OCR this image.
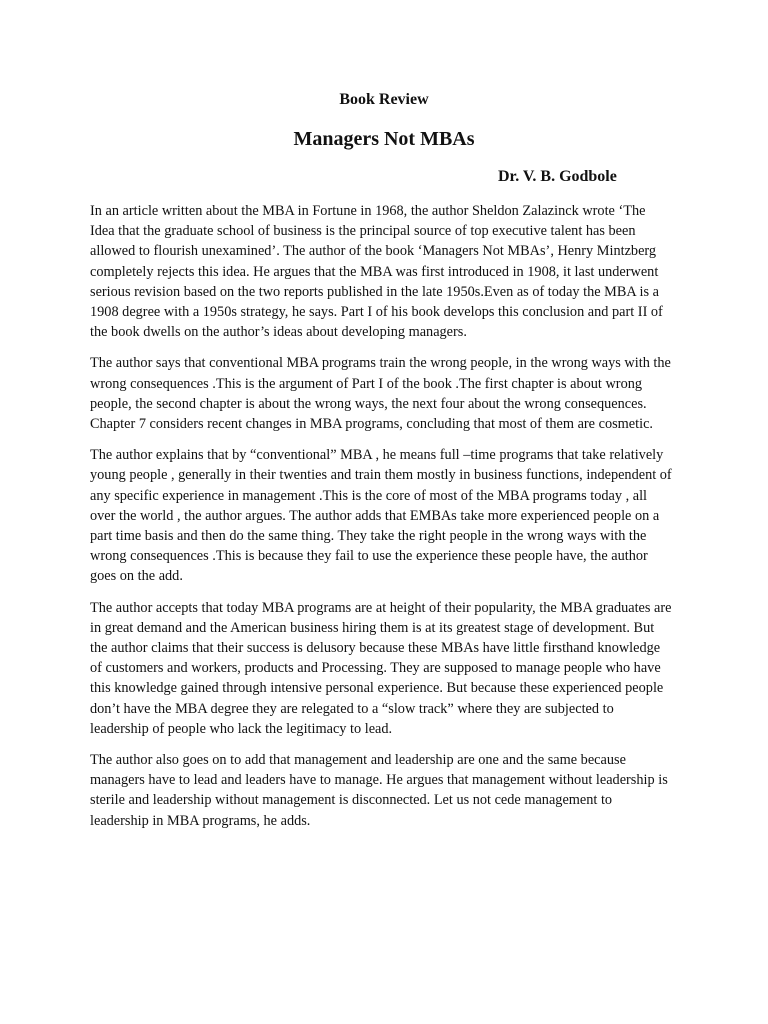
Book Review
Managers Not MBAs
Dr. V. B. Godbole

In an article written about the MBA in Fortune in 1968, the author Sheldon Zalazinck wrote ‘The Idea that the graduate school of business is the principal source of top executive talent has been allowed to flourish unexamined’. The author of the book ‘Managers Not MBAs’, Henry Mintzberg completely rejects this idea. He argues that the MBA was first introduced in 1908, it last underwent serious revision based on the two reports published in the late 1950s.Even as of today the MBA is a 1908 degree with a 1950s strategy, he says. Part I of his book develops this conclusion and part II of the book dwells on the author’s ideas about developing managers.

The author says that conventional MBA programs train the wrong people, in the wrong ways with the wrong consequences .This is the argument of Part I of the book .The first chapter is about wrong people, the second chapter is about the wrong ways, the next four about the wrong consequences. Chapter 7 considers recent changes in MBA programs, concluding that most of them are cosmetic.

The author explains that by “conventional” MBA , he means full –time programs that take relatively young people , generally in their twenties and train them mostly in business functions, independent of any specific experience in management .This is the core of most of the MBA programs today , all over the world , the author argues. The author adds that EMBAs take more experienced people on a part time basis and then do the same thing. They take the right people in the wrong ways with the wrong consequences .This is because they fail to use the experience these people have, the author goes on the add.

The author accepts that today MBA programs are at height of their popularity, the MBA graduates are in great demand and the American business hiring them is at its greatest stage of development. But the author claims that their success is delusory because these MBAs have little firsthand knowledge of customers and workers, products and Processing. They are supposed to manage people who have this knowledge gained through intensive personal experience. But because these experienced people don’t have the MBA degree they are relegated to a “slow track” where they are subjected to leadership of people who lack the legitimacy to lead.

The author also goes on to add that management and leadership are one and the same because managers have to lead and leaders have to manage. He argues that management without leadership is sterile and leadership without management is disconnected. Let us not cede management to leadership in MBA programs, he adds.
